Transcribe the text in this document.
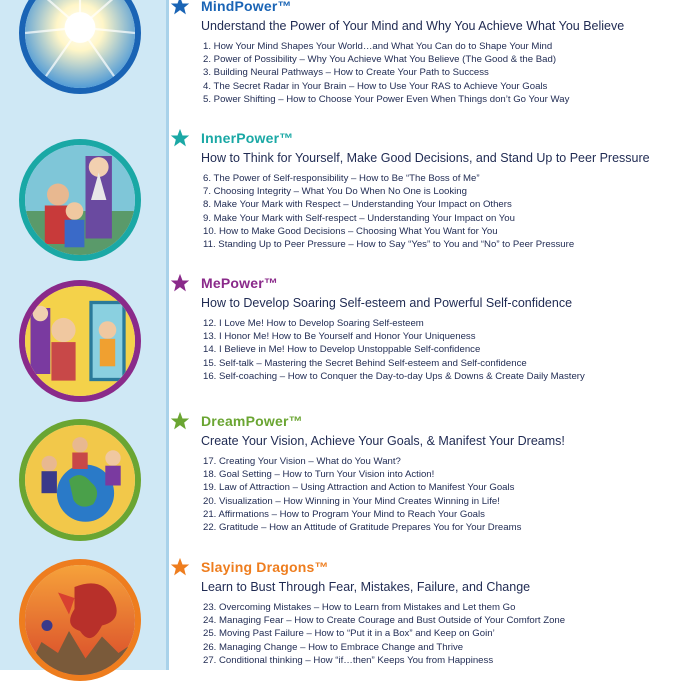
MindPower™
Understand the Power of Your Mind and Why You Achieve What You Believe
1. How Your Mind Shapes Your World…and What You Can do to Shape Your Mind
2. Power of Possibility – Why You Achieve What You Believe (The Good & the Bad)
3. Building Neural Pathways – How to Create Your Path to Success
4. The Secret Radar in Your Brain – How to Use Your RAS to Achieve Your Goals
5. Power Shifting – How to Choose Your Power Even When Things don’t Go Your Way
InnerPower™
How to Think for Yourself, Make Good Decisions, and Stand Up to Peer Pressure
6. The Power of Self-responsibility – How to Be “The Boss of Me”
7. Choosing Integrity – What You Do When No One is Looking
8. Make Your Mark with Respect – Understanding Your Impact on Others
9. Make Your Mark with Self-respect – Understanding Your Impact on You
10. How to Make Good Decisions – Choosing What You Want for You
11. Standing Up to Peer Pressure – How to Say “Yes” to You and “No” to Peer Pressure
MePower™
How to Develop Soaring Self-esteem and Powerful Self-confidence
12. I Love Me! How to Develop Soaring Self-esteem
13. I Honor Me! How to Be Yourself and Honor Your Uniqueness
14. I Believe in Me! How to Develop Unstoppable Self-confidence
15. Self-talk – Mastering the Secret Behind Self-esteem and Self-confidence
16. Self-coaching – How to Conquer the Day-to-day Ups & Downs & Create Daily Mastery
DreamPower™
Create Your Vision, Achieve Your Goals, & Manifest Your Dreams!
17. Creating Your Vision – What do You Want?
18. Goal Setting – How to Turn Your Vision into Action!
19. Law of Attraction – Using Attraction and Action to Manifest Your Goals
20. Visualization – How Winning in Your Mind Creates Winning in Life!
21. Affirmations – How to Program Your Mind to Reach Your Goals
22. Gratitude – How an Attitude of Gratitude Prepares You for Your Dreams
Slaying Dragons™
Learn to Bust Through Fear, Mistakes, Failure, and Change
23. Overcoming Mistakes – How to Learn from Mistakes and Let them Go
24. Managing Fear – How to Create Courage and Bust Outside of Your Comfort Zone
25. Moving Past Failure – How to “Put it in a Box” and Keep on Goin’
26. Managing Change – How to Embrace Change and Thrive
27. Conditional thinking – How “if…then” Keeps You from Happiness
